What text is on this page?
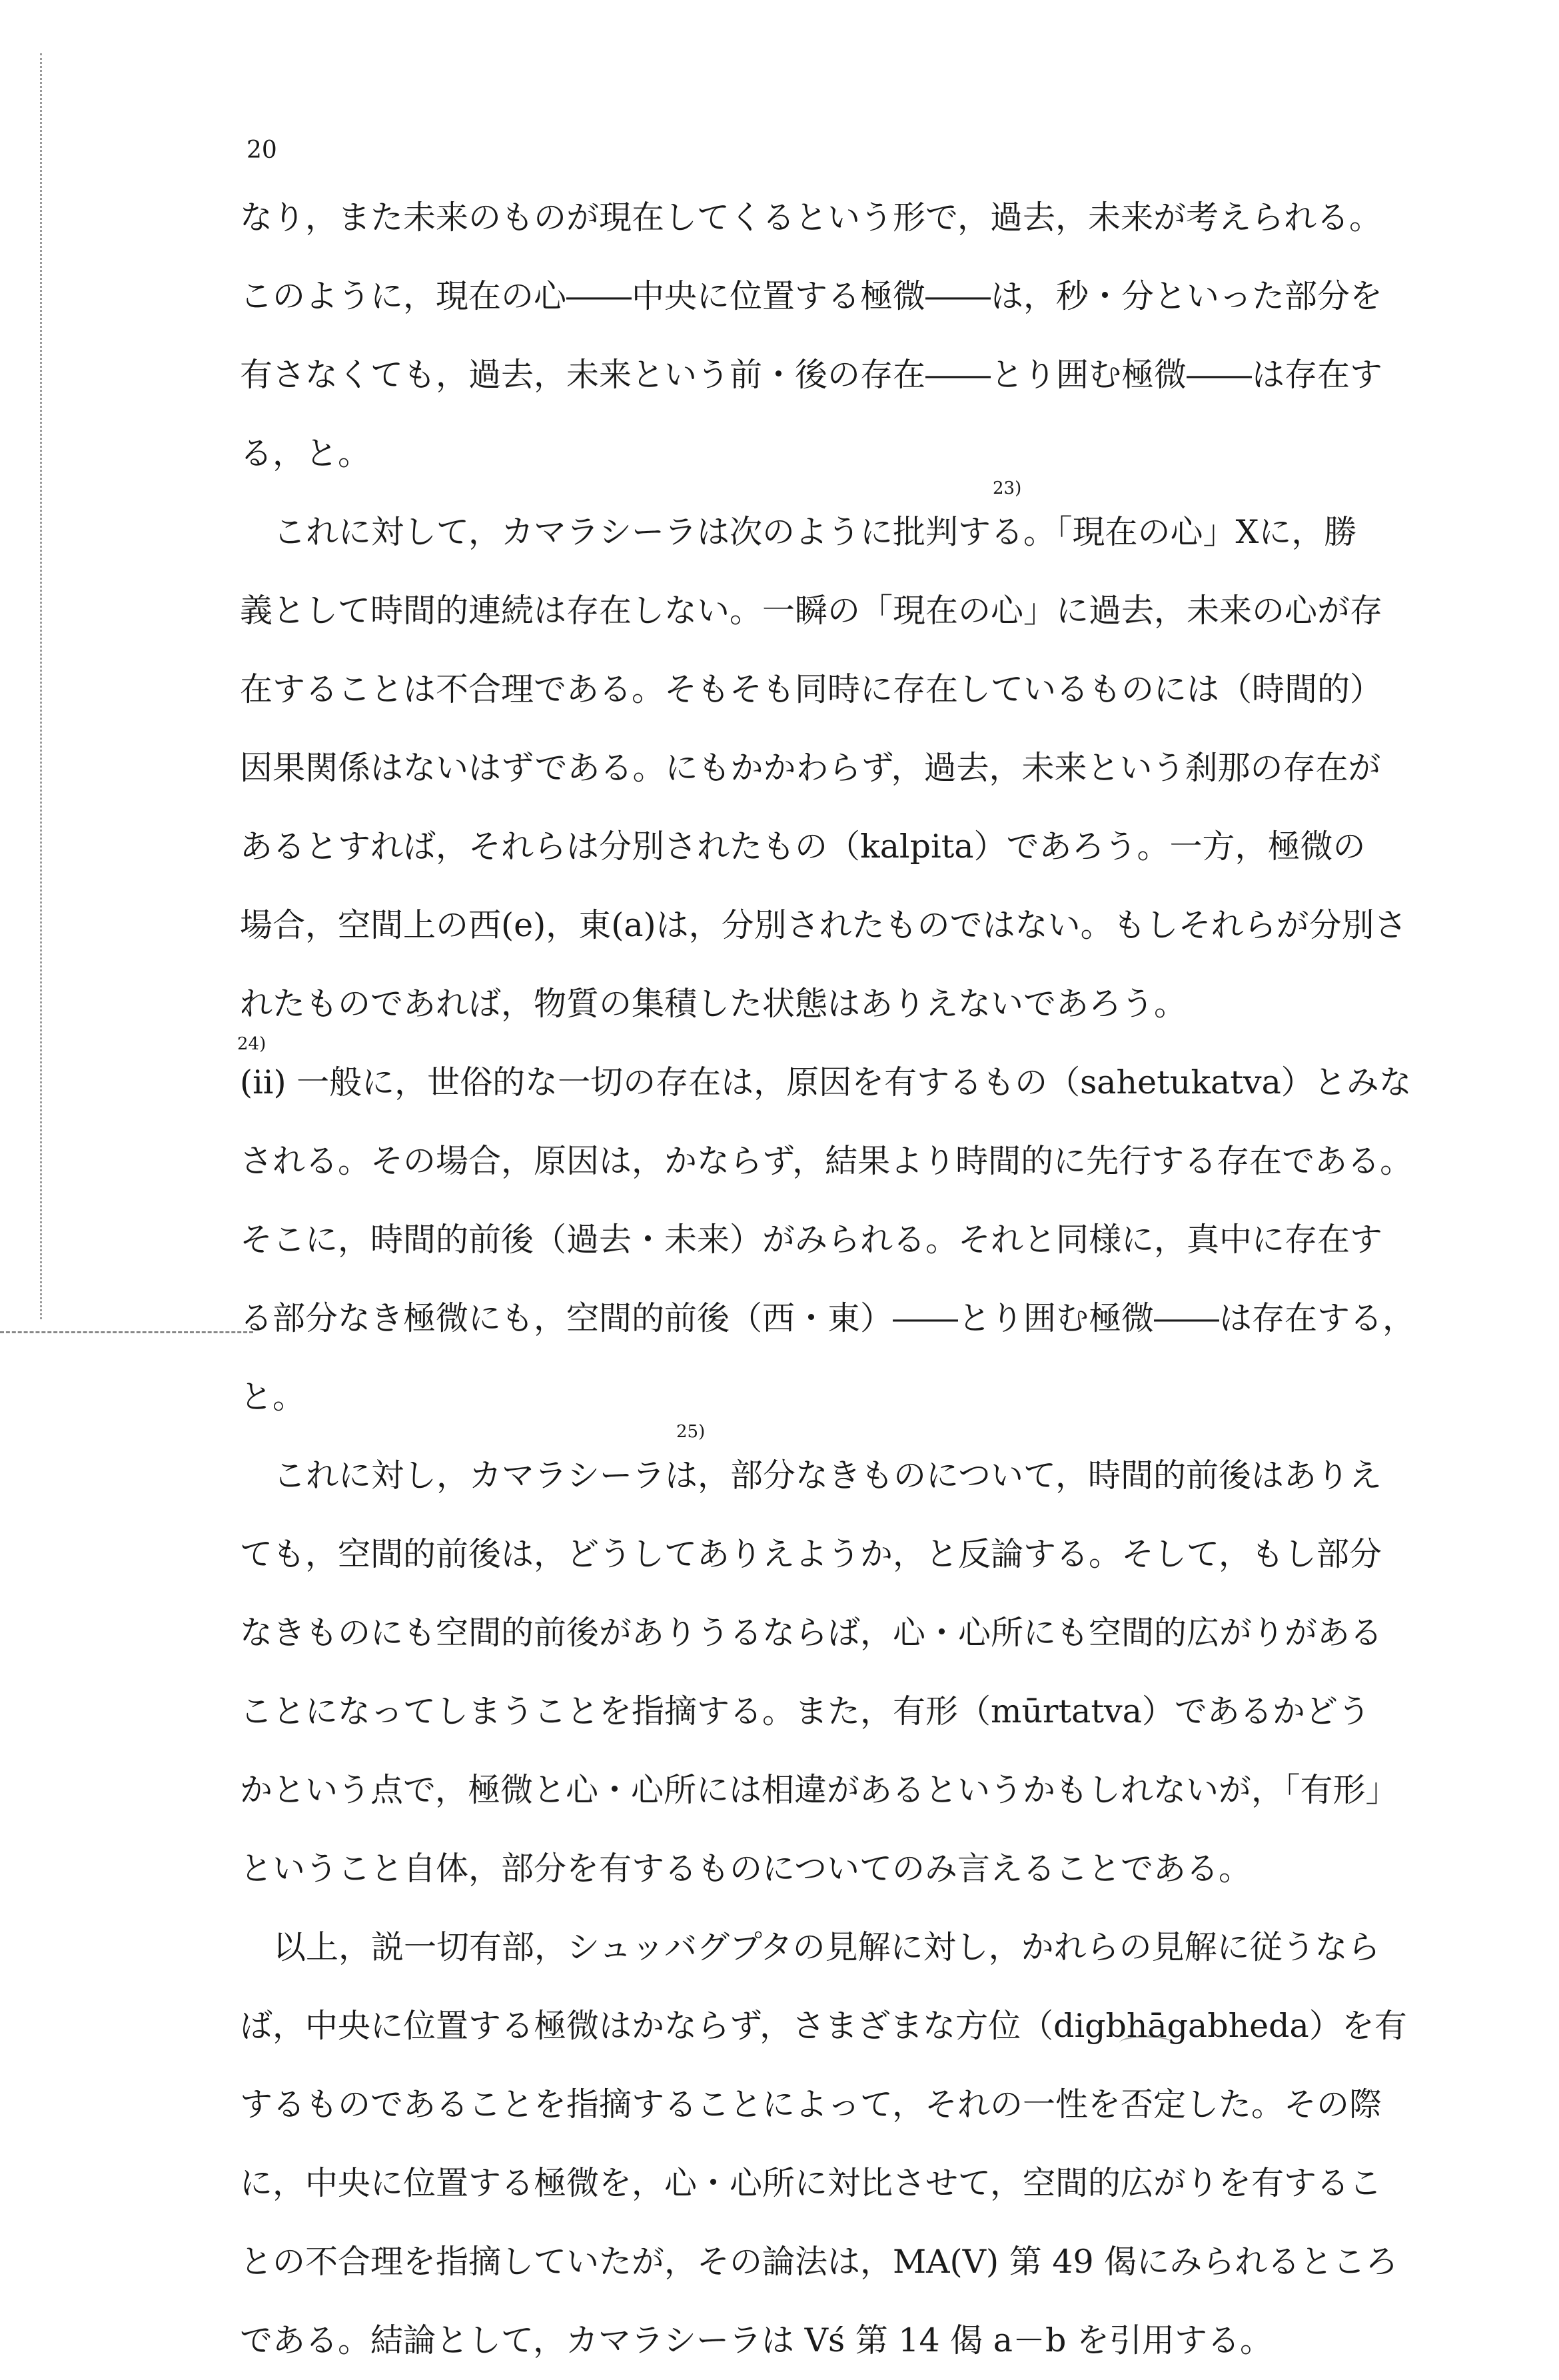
20
なり，また未来のものが現在してくるという形で，過去，未来が考えられる。
このように，現在の心――中央に位置する極微――は，秒・分といった部分を
有さなくても，過去，未来という前・後の存在――とり囲む極微――は存在す
る，と。
23)
これに対して，カマラシーラは次のように批判する。「現在の心」Xに，勝
義として時間的連続は存在しない。一瞬の「現在の心」に過去，未来の心が存
在することは不合理である。そもそも同時に存在しているものには（時間的）
因果関係はないはずである。にもかかわらず，過去，未来という刹那の存在が
あるとすれば，それらは分別されたもの（kalpita）であろう。一方，極微の
場合，空間上の西(e)，東(a)は，分別されたものではない。もしそれらが分別さ
れたものであれば，物質の集積した状態はありえないであろう。
24)
(ii) 一般に，世俗的な一切の存在は，原因を有するもの（sahetukatva）とみな
される。その場合，原因は，かならず，結果より時間的に先行する存在である。
そこに，時間的前後（過去・未来）がみられる。それと同様に，真中に存在す
る部分なき極微にも，空間的前後（西・東）――とり囲む極微――は存在する，
と。
25)
これに対し，カマラシーラは，部分なきものについて，時間的前後はありえ
ても，空間的前後は，どうしてありえようか，と反論する。そして，もし部分
なきものにも空間的前後がありうるならば，心・心所にも空間的広がりがある
ことになってしまうことを指摘する。また，有形（mūrtatva）であるかどう
かという点で，極微と心・心所には相違があるというかもしれないが，「有形」
ということ自体，部分を有するものについてのみ言えることである。
以上，説一切有部，シュッバグプタの見解に対し，かれらの見解に従うなら
ば，中央に位置する極微はかならず，さまざまな方位（digbhāgabheda）を有
するものであることを指摘することによって，それの一性を否定した。その際
に，中央に位置する極微を，心・心所に対比させて，空間的広がりを有するこ
との不合理を指摘していたが，その論法は，MA(V) 第 49 偈にみられるところ
である。結論として，カマラシーラは Vś 第 14 偈 a－b を引用する。
